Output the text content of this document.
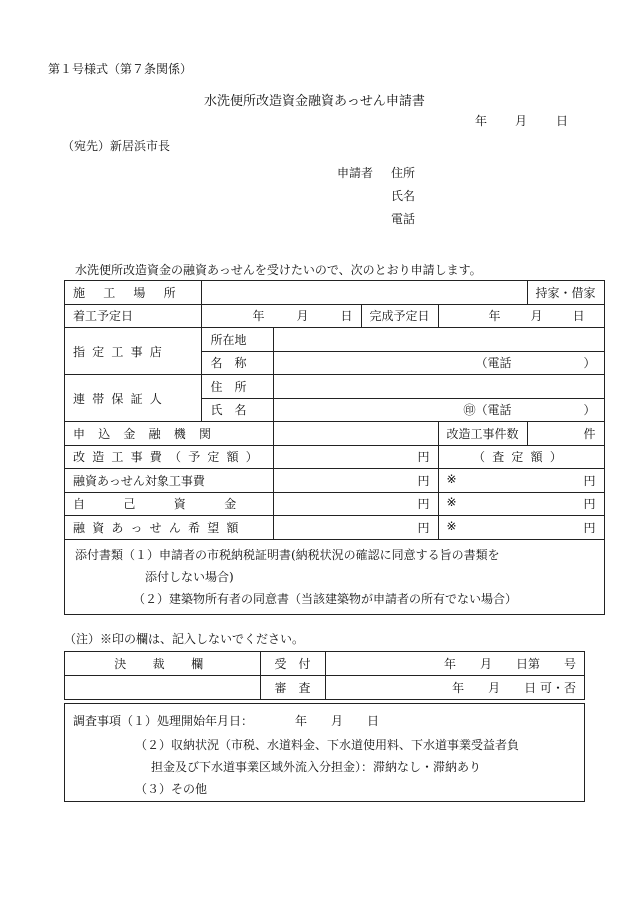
第１号様式（第７条関係）
水洗便所改造資金融資あっせん申請書
年 月 日
（宛先）新居浜市長
申請者 住所
氏名
電話
水洗便所改造資金の融資あっせんを受けたいので、次のとおり申請します。
施 工 場 所					持家・借家
着工予定日	年 月 日		完成予定日	年 月 日	
指定工事店	所在地				
	名　称	（電話　　　　　　）			
連帯保証人	住　所				
	氏　名	㊞（電話　　　　　　）			
申込金融機関				改造工事件数	件
改造工事費（予定額）		円		（査定額）	
融資あっせん対象工事費		円		※ 円	

自　己　資　金		円		※ 円	

融資あっせん希望額		円		※ 円	

添付書類（１）申請者の市税納税証明書(納税状況の確認に同意する旨の書類を
添付しない場合)
（２）建築物所有者の同意書（当該建築物が申請者の所有でない場合）					
（注）※印の欄は、記入しないでください。
決　裁　欄	受　付	年　　月　　日第　　号
	審　査	年　　月　　日 可・否
調査事項（１）処理開始年月日：　　　　年　　月　　日
（２）収納状況（市税、水道料金、下水道使用料、下水道事業受益者負
担金及び下水道事業区域外流入分担金）：滞納なし・滞納あり
（３）その他
